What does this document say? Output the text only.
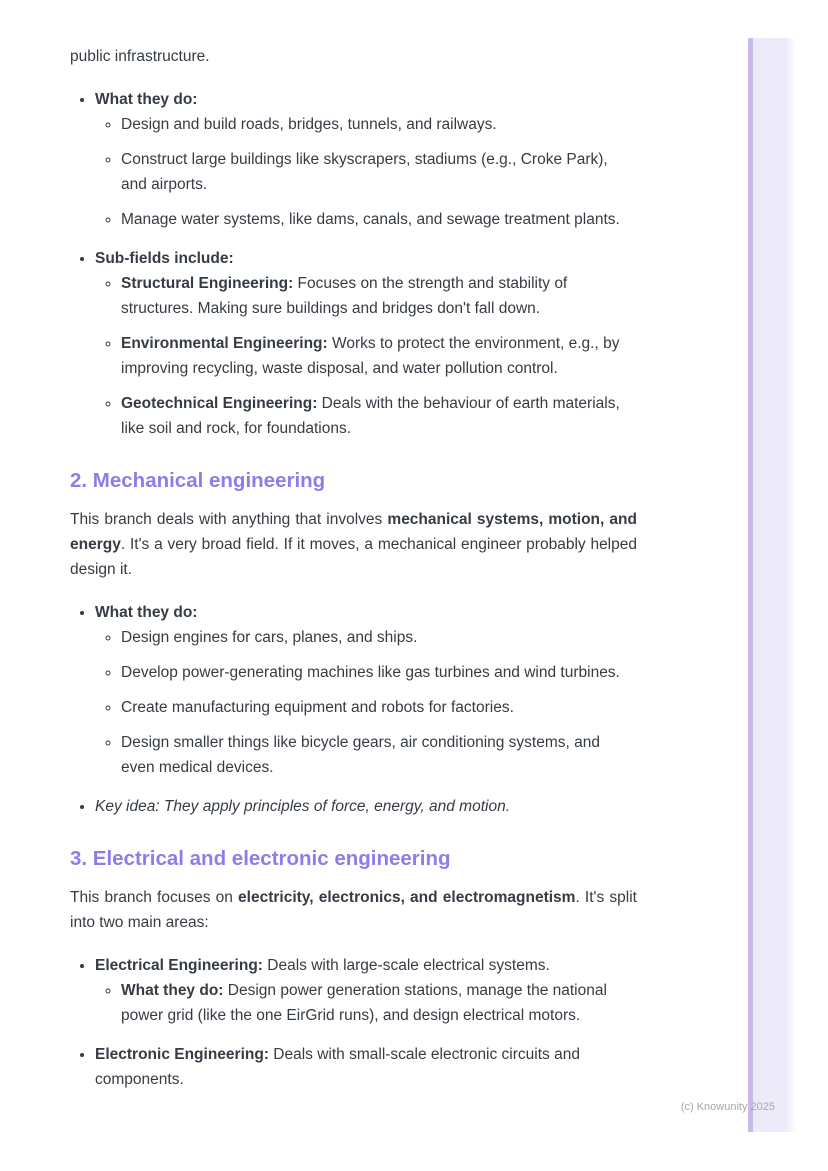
public infrastructure.

• What they do:
◦ Design and build roads, bridges, tunnels, and railways.
◦ Construct large buildings like skyscrapers, stadiums (e.g., Croke Park), and airports.
◦ Manage water systems, like dams, canals, and sewage treatment plants.
• Sub-fields include:
◦ Structural Engineering: Focuses on the strength and stability of structures. Making sure buildings and bridges don't fall down.
◦ Environmental Engineering: Works to protect the environment, e.g., by improving recycling, waste disposal, and water pollution control.
◦ Geotechnical Engineering: Deals with the behaviour of earth materials, like soil and rock, for foundations.
2. Mechanical engineering

This branch deals with anything that involves mechanical systems, motion, and energy. It's a very broad field. If it moves, a mechanical engineer probably helped design it.

• What they do:
◦ Design engines for cars, planes, and ships.
◦ Develop power-generating machines like gas turbines and wind turbines.
◦ Create manufacturing equipment and robots for factories.
◦ Design smaller things like bicycle gears, air conditioning systems, and even medical devices.
• Key idea: They apply principles of force, energy, and motion.
3. Electrical and electronic engineering

This branch focuses on electricity, electronics, and electromagnetism. It's split into two main areas:

• Electrical Engineering: Deals with large-scale electrical systems.
◦ What they do: Design power generation stations, manage the national power grid (like the one EirGrid runs), and design electrical motors.
• Electronic Engineering: Deals with small-scale electronic circuits and components.
(c) Knowunity 2025
